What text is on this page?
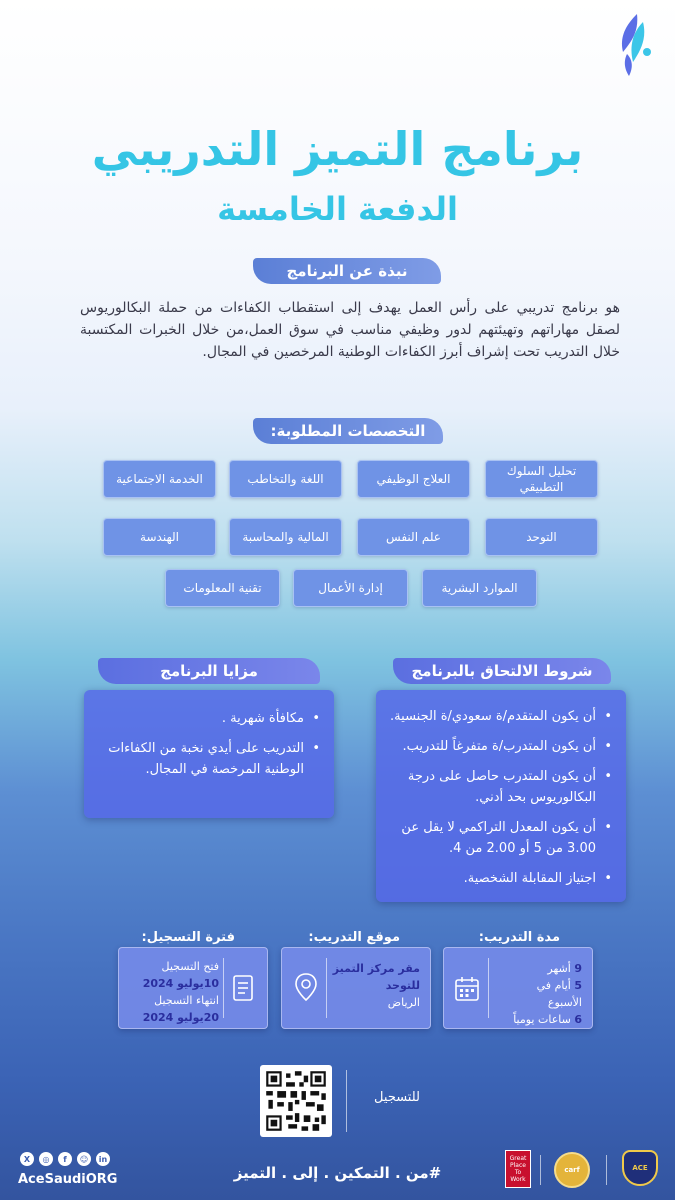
برنامج التميز التدريبي
الدفعة الخامسة
نبذة عن البرنامج
هو برنامج تدريبي على رأس العمل يهدف إلى استقطاب الكفاءات من حملة البكالوريوس لصقل مهاراتهم وتهيئتهم لدور وظيفي مناسب في سوق العمل،من خلال الخبرات المكتسبة خلال التدريب تحت إشراف أبرز الكفاءات الوطنية المرخصين في المجال.
التخصصات المطلوبة:
تحليل السلوك التطبيقي
العلاج الوظيفي
اللغة والتخاطب
الخدمة الاجتماعية
التوحد
علم النفس
المالية والمحاسبة
الهندسة
الموارد البشرية
إدارة الأعمال
تقنية المعلومات
شروط الالتحاق بالبرنامج
• أن يكون المتقدم/ة سعودي/ة الجنسية.
• أن يكون المتدرب/ة متفرغاً للتدريب.
• أن يكون المتدرب حاصل على درجة البكالوريوس بحد أدني.
• أن يكون المعدل التراكمي لا يقل عن 3.00 من 5 أو 2.00 من 4.
• اجتياز المقابلة الشخصية.
مزايا البرنامج
• مكافأة شهرية .
• التدريب على أيدي نخبة من الكفاءات الوطنية المرخصة في المجال.
مدة التدريب:
9 أشهر
5 أيام في الأسبوع
6 ساعات يومياً
موقع التدريب:
مقر مركز التميز
للتوحد
الرياض
فترة التسجيل:
فتح التسجيل
10يوليو 2024
انتهاء التسجيل
20يوليو 2024
للتسجيل
X	◎	f	☺	in
AceSaudiORG	#من . التمكين . إلى . التميز
Great
Place
To
Work
carf	ACE
